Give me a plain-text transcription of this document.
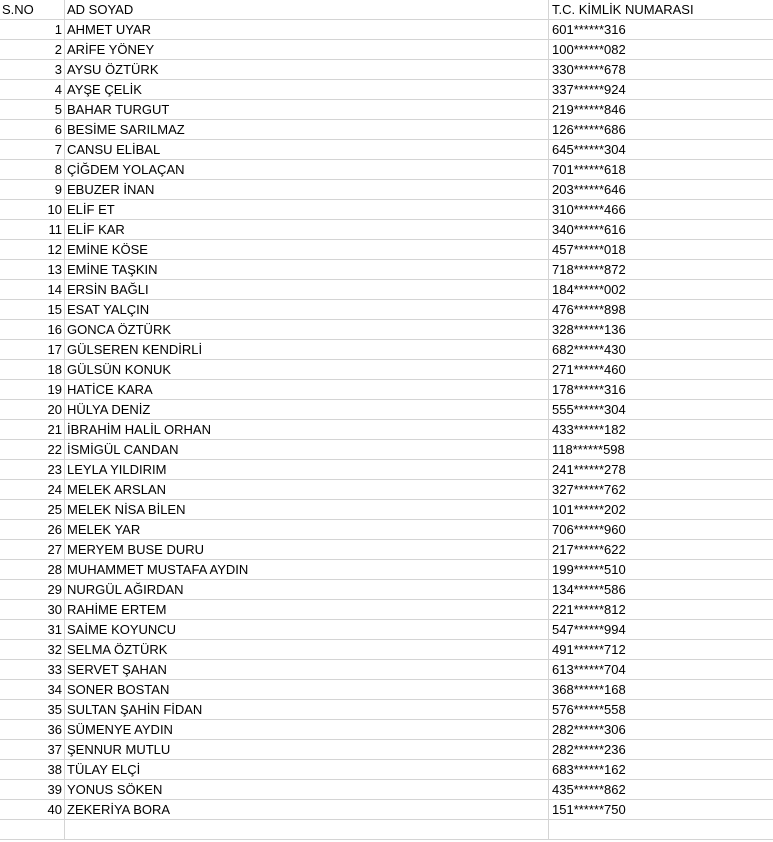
S.NO	AD SOYAD	T.C. KİMLİK NUMARASI
1 AHMET UYAR	601******316
2 ARİFE YÖNEY	100******082
3 AYSU ÖZTÜRK	330******678
4 AYŞE ÇELİK	337******924
5 BAHAR TURGUT	219******846
6 BESİME SARILMAZ	126******686
7 CANSU ELİBAL	645******304
8 ÇİĞDEM YOLAÇAN	701******618
9 EBUZER İNAN	203******646
10 ELİF ET	310******466
11 ELİF KAR	340******616
12 EMİNE KÖSE	457******018
13 EMİNE TAŞKIN	718******872
14 ERSİN BAĞLI	184******002
15 ESAT YALÇIN	476******898
16 GONCA ÖZTÜRK	328******136
17 GÜLSEREN KENDİRLİ	682******430
18 GÜLSÜN KONUK	271******460
19 HATİCE KARA	178******316
20 HÜLYA DENİZ	555******304
21 İBRAHİM HALİL ORHAN	433******182
22 İSMİGÜL CANDAN	118******598
23 LEYLA YILDIRIM	241******278
24 MELEK ARSLAN	327******762
25 MELEK NİSA BİLEN	101******202
26 MELEK YAR	706******960
27 MERYEM BUSE DURU	217******622
28 MUHAMMET MUSTAFA AYDIN	199******510
29 NURGÜL AĞIRDAN	134******586
30 RAHİME ERTEM	221******812
31 SAİME KOYUNCU	547******994
32 SELMA ÖZTÜRK	491******712
33 SERVET ŞAHAN	613******704
34 SONER BOSTAN	368******168
35 SULTAN ŞAHİN FİDAN	576******558
36 SÜMENYE AYDIN	282******306
37 ŞENNUR MUTLU	282******236
38 TÜLAY ELÇİ	683******162
39 YONUS SÖKEN	435******862
40 ZEKERİYA BORA	151******750
